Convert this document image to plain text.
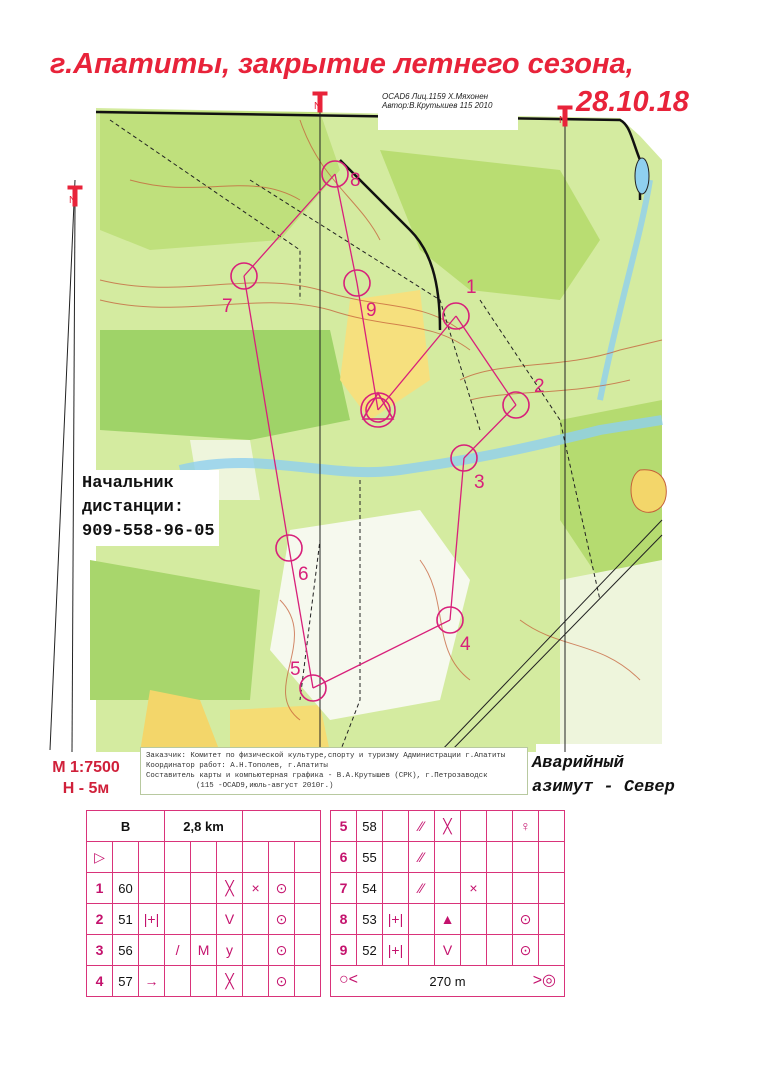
г.Апатиты, закрытие летнего сезона,
28.10.18
N
N
N
1
2
3
4
5
6
7
8
9
OCAD6 Лиц.1159 Х.Мяхонен
Автор:В.Крутышев 115 2010
Начальник
дистанции:
909-558-96-05
М 1:7500
Н - 5м
Заказчик: Комитет по физической культуре,спорту и туризму Администрации г.Апатиты
Координатор работ: А.Н.Тополев, г.Апатиты
Составитель карты и компьютерная графика - В.А.Крутышев (СРК), г.Петрозаводск
(115 -OCAD9,июль-август 2010г.)
Аварийный
азимут - Север
B			2,8 km					
▷								
1	60				╳	×	⊙	
2	51	|+|			V		⊙	
3	56		/	M	y		⊙	
4	57	→			╳		⊙	
5	58		⁄⁄	╳			♀	
6	55		⁄⁄					
7	54		⁄⁄		×			
8	53	|+|		▲			⊙	
9	52	|+|		V			⊙	

○< 270 m >◎								
